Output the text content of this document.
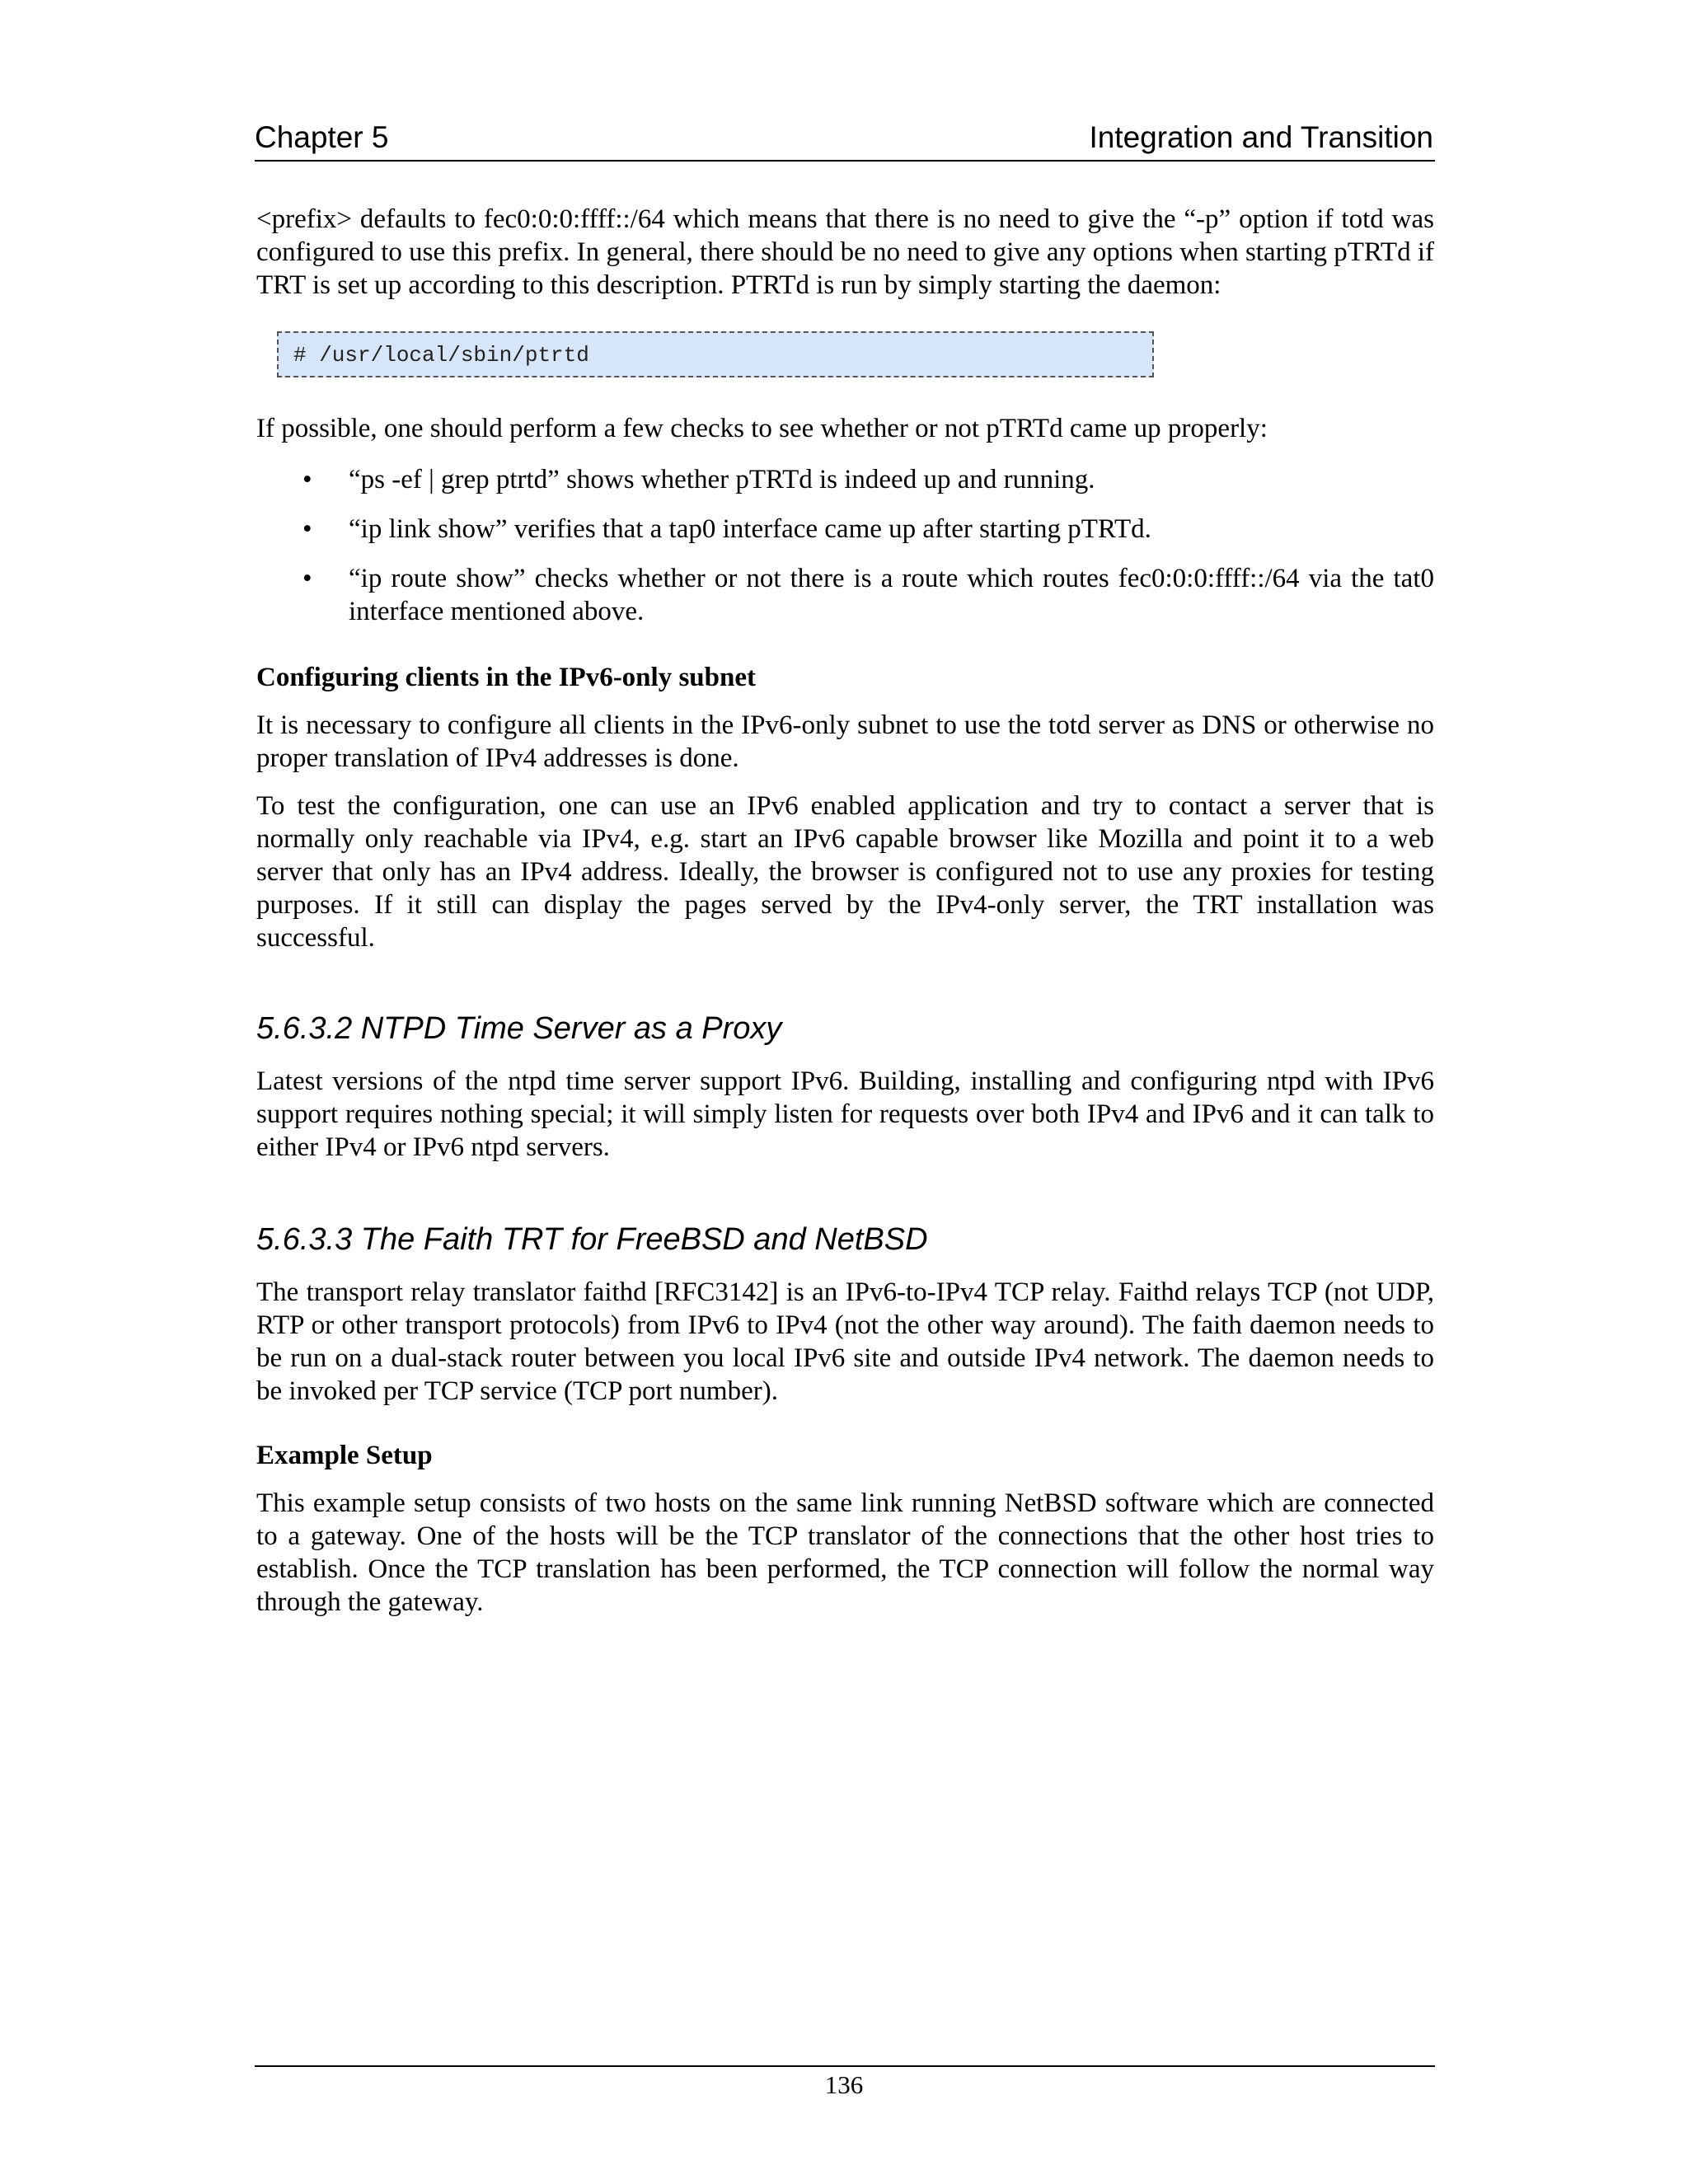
Chapter 5	Integration and Transition

<prefix> defaults to fec0:0:0:ffff::/64 which means that there is no need to give the “-p” option if totd was configured to use this prefix. In general, there should be no need to give any options when starting pTRTd if TRT is set up according to this description. PTRTd is run by simply starting the daemon:

# /usr/local/sbin/ptrtd

If possible, one should perform a few checks to see whether or not pTRTd came up properly:

• “ps -ef | grep ptrtd” shows whether pTRTd is indeed up and running.
• “ip link show” verifies that a tap0 interface came up after starting pTRTd.
• “ip route show” checks whether or not there is a route which routes fec0:0:0:ffff::/64 via the tat0 interface mentioned above.
Configuring clients in the IPv6-only subnet

It is necessary to configure all clients in the IPv6-only subnet to use the totd server as DNS or otherwise no proper translation of IPv4 addresses is done.

To test the configuration, one can use an IPv6 enabled application and try to contact a server that is normally only reachable via IPv4, e.g. start an IPv6 capable browser like Mozilla and point it to a web server that only has an IPv4 address. Ideally, the browser is configured not to use any proxies for testing purposes. If it still can display the pages served by the IPv4-only server, the TRT installation was successful.

5.6.3.2 NTPD Time Server as a Proxy

Latest versions of the ntpd time server support IPv6. Building, installing and configuring ntpd with IPv6 support requires nothing special; it will simply listen for requests over both IPv4 and IPv6 and it can talk to either IPv4 or IPv6 ntpd servers.

5.6.3.3 The Faith TRT for FreeBSD and NetBSD

The transport relay translator faithd [RFC3142] is an IPv6-to-IPv4 TCP relay. Faithd relays TCP (not UDP, RTP or other transport protocols) from IPv6 to IPv4 (not the other way around). The faith daemon needs to be run on a dual-stack router between you local IPv6 site and outside IPv4 network. The daemon needs to be invoked per TCP service (TCP port number).

Example Setup

This example setup consists of two hosts on the same link running NetBSD software which are connected to a gateway. One of the hosts will be the TCP translator of the connections that the other host tries to establish. Once the TCP translation has been performed, the TCP connection will follow the normal way through the gateway.

136
